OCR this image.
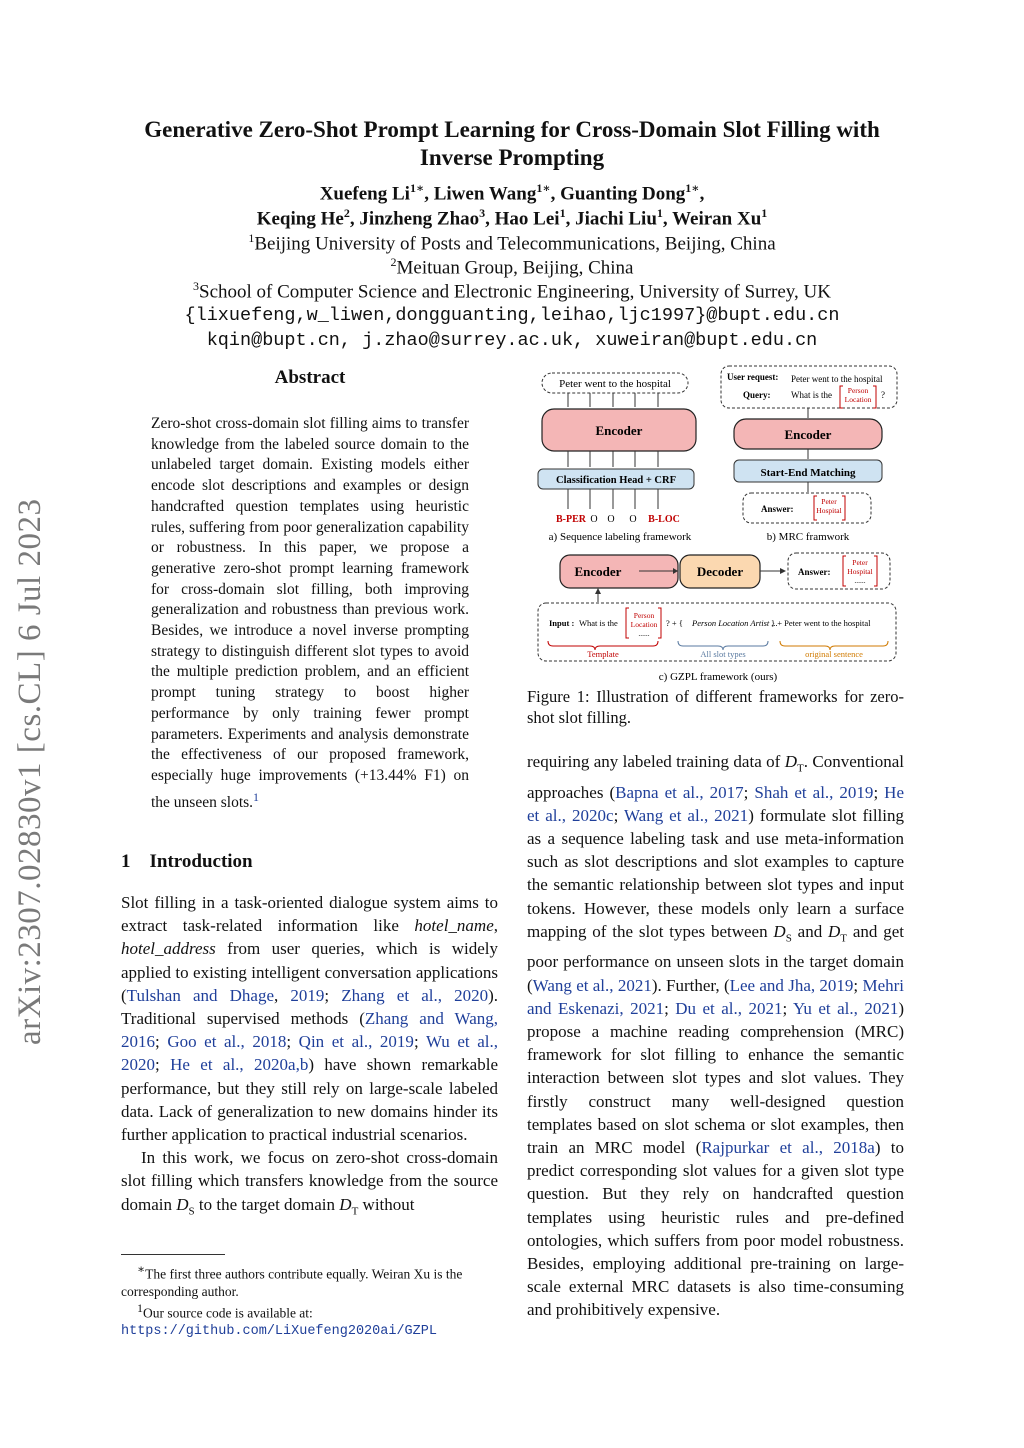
Generative Zero-Shot Prompt Learning for Cross-Domain Slot Filling with
Inverse Prompting
Xuefeng $Li^{1∗}$, Liwen Wang$^{1∗}$, Guanting Dong$^{1∗}$,
Keqing He$^2$, Jinzheng Zhao$^3$, Hao Lei$^1$, Jiachi Liu$^1$, Weiran Xu$^1$
$^1$Beijing University of Posts and Telecommunications, Beijing, China
$^2$Meituan Group, Beijing, China
$^3$School of Computer Science and Electronic Engineering, University of Surrey, UK
{lixuefeng,w_liwen,dongguanting,leihao,ljc1997}@bupt.edu.cn
kqin@bupt.cn, j.zhao@surrey.ac.uk, xuweiran@bupt.edu.cn
arXiv:2307.02830v1 [cs.CL] 6 Jul 2023
Abstract
Zero-shot cross-domain slot filling aims to transfer knowledge from the labeled source domain to the unlabeled target domain. Existing models either encode slot descriptions and examples or design handcrafted question templates using heuristic rules, suffering from poor generalization capability or robustness. In this paper, we propose a generative zero-shot prompt learning framework for cross-domain slot filling, both improving generalization and robustness than previous work. Besides, we introduce a novel inverse prompting strategy to distinguish different slot types to avoid the multiple prediction problem, and an efficient prompt tuning strategy to boost higher performance by only training fewer prompt parameters. Experiments and analysis demonstrate the effectiveness of our proposed framework, especially huge improvements (+13.44% F1) on the unseen slots.$^1$
1 Introduction

Slot filling in a task-oriented dialogue system aims to extract task-related information like hotel_name, hotel_address from user queries, which is widely applied to existing intelligent conversation applications (Tulshan and Dhage, 2019; Zhang et al., 2020). Traditional supervised methods (Zhang and Wang, 2016; Goo et al., 2018; Qin et al., 2019; Wu et al., 2020; He et al., 2020a,b) have shown remarkable performance, but they still rely on large-scale labeled data. Lack of generalization to new domains hinder its further application to practical industrial scenarios.

In this work, we focus on zero-shot cross-domain slot filling which transfers knowledge from the source domain $D_S$ to the target domain $D_T$ without

∗The first three authors contribute equally. Weiran Xu is the corresponding author.
$^1$Our source code is available at: https://github.com/LiXuefeng2020ai/GZPL
Peter went to the hospital
Encoder
Classification Head + CRF
B-PER O O O B-LOC
a) Sequence labeling framework
User request: Peter went to the hospital
Query: What is the Person
Location ?
Encoder
Start-End Matching
Answer:
Peter
Hospital
b) MRC framwork
Encoder	Decoder	Answer:
Peter
Hospital
......
Input : What is the
Person
Location
......
? + { Person Location Artist ...
} + Peter went to the hospital
Template	All slot types	original sentence
c) GZPL framework (ours)
Figure 1: Illustration of different frameworks for zero-shot slot filling.
requiring any labeled training data of $D_T$. Conventional approaches (Bapna et al., 2017; Shah et al., 2019; He et al., 2020c; Wang et al., 2021) formulate slot filling as a sequence labeling task and use meta-information such as slot descriptions and slot examples to capture the semantic relationship between slot types and input tokens. However, these models only learn a surface mapping of the slot types between $D_S$ and $D_T$ and get poor performance on unseen slots in the target domain (Wang et al., 2021). Further, (Lee and Jha, 2019; Mehri and Eskenazi, 2021; Du et al., 2021; Yu et al., 2021) propose a machine reading comprehension (MRC) framework for slot filling to enhance the semantic interaction between slot types and slot values. They firstly construct many well-designed question templates based on slot schema or slot examples, then train an MRC model (Rajpurkar et al., 2018a) to predict corresponding slot values for a given slot type question. But they rely on handcrafted question templates using heuristic rules and pre-defined ontologies, which suffers from poor model robustness. Besides, employing additional pre-training on large-scale external MRC datasets is also time-consuming and prohibitively expensive.
